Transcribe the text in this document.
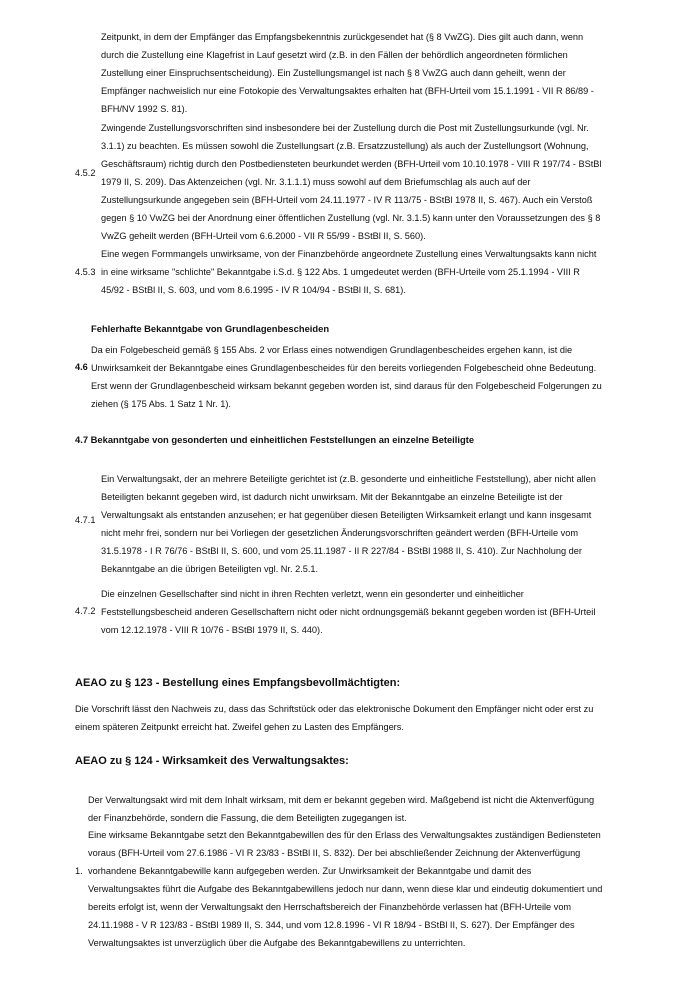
Zeitpunkt, in dem der Empfänger das Empfangsbekenntnis zurückgesendet hat (§ 8 VwZG). Dies gilt auch dann, wenn durch die Zustellung eine Klagefrist in Lauf gesetzt wird (z.B. in den Fällen der behördlich angeordneten förmlichen Zustellung einer Einspruchsentscheidung). Ein Zustellungsmangel ist nach § 8 VwZG auch dann geheilt, wenn der Empfänger nachweislich nur eine Fotokopie des Verwaltungsaktes erhalten hat (BFH-Urteil vom 15.1.1991 - VII R 86/89 - BFH/NV 1992 S. 81).

Zwingende Zustellungsvorschriften sind insbesondere bei der Zustellung durch die Post mit Zustellungsurkunde (vgl. Nr. 3.1.1) zu beachten. Es müssen sowohl die Zustellungsart (z.B. Ersatzzustellung) als auch der Zustellungsort (Wohnung, Geschäftsraum) richtig durch den Postbediensteten beurkundet werden (BFH-Urteil vom 10.10.1978 - VIII R 197/74 - BStBl 1979 II, S. 209). Das Aktenzeichen (vgl. Nr. 3.1.1.1) muss sowohl auf dem Briefumschlag als auch auf der Zustellungsurkunde angegeben sein (BFH-Urteil vom 24.11.1977 - IV R 113/75 - BStBl 1978 II, S. 467). Auch ein Verstoß gegen § 10 VwZG bei der Anordnung einer öffentlichen Zustellung (vgl. Nr. 3.1.5) kann unter den Voraussetzungen des § 8 VwZG geheilt werden (BFH-Urteil vom 6.6.2000 - VII R 55/99 - BStBl II, S. 560).

4.5.2

Eine wegen Formmangels unwirksame, von der Finanzbehörde angeordnete Zustellung eines Verwaltungsakts kann nicht in eine wirksame "schlichte" Bekanntgabe i.S.d. § 122 Abs. 1 umgedeutet werden (BFH-Urteile vom 25.1.1994 - VIII R 45/92 - BStBl II, S. 603, und vom 8.6.1995 - IV R 104/94 - BStBl II, S. 681).

4.5.3

Fehlerhafte Bekanntgabe von Grundlagenbescheiden

4.6

Da ein Folgebescheid gemäß § 155 Abs. 2 vor Erlass eines notwendigen Grundlagenbescheides ergehen kann, ist die Unwirksamkeit der Bekanntgabe eines Grundlagenbescheides für den bereits vorliegenden Folgebescheid ohne Bedeutung. Erst wenn der Grundlagenbescheid wirksam bekannt gegeben worden ist, sind daraus für den Folgebescheid Folgerungen zu ziehen (§ 175 Abs. 1 Satz 1 Nr. 1).

4.7 Bekanntgabe von gesonderten und einheitlichen Feststellungen an einzelne Beteiligte

Ein Verwaltungsakt, der an mehrere Beteiligte gerichtet ist (z.B. gesonderte und einheitliche Feststellung), aber nicht allen Beteiligten bekannt gegeben wird, ist dadurch nicht unwirksam. Mit der Bekanntgabe an einzelne Beteiligte ist der Verwaltungsakt als entstanden anzusehen; er hat gegenüber diesen Beteiligten Wirksamkeit erlangt und kann insgesamt nicht mehr frei, sondern nur bei Vorliegen der gesetzlichen Änderungsvorschriften geändert werden (BFH-Urteile vom 31.5.1978 - I R 76/76 - BStBl II, S. 600, und vom 25.11.1987 - II R 227/84 - BStBl 1988 II, S. 410). Zur Nachholung der Bekanntgabe an die übrigen Beteiligten vgl. Nr. 2.5.1.

4.7.1

Die einzelnen Gesellschafter sind nicht in ihren Rechten verletzt, wenn ein gesonderter und einheitlicher Feststellungsbescheid anderen Gesellschaftern nicht oder nicht ordnungsgemäß bekannt gegeben worden ist (BFH-Urteil vom 12.12.1978 - VIII R 10/76 - BStBl 1979 II, S. 440).

4.7.2

AEAO zu § 123 - Bestellung eines Empfangsbevollmächtigten:

Die Vorschrift lässt den Nachweis zu, dass das Schriftstück oder das elektronische Dokument den Empfänger nicht oder erst zu einem späteren Zeitpunkt erreicht hat. Zweifel gehen zu Lasten des Empfängers.

AEAO zu § 124 - Wirksamkeit des Verwaltungsaktes:

Der Verwaltungsakt wird mit dem Inhalt wirksam, mit dem er bekannt gegeben wird. Maßgebend ist nicht die Aktenverfügung der Finanzbehörde, sondern die Fassung, die dem Beteiligten zugegangen ist.

1.

Eine wirksame Bekanntgabe setzt den Bekanntgabewillen des für den Erlass des Verwaltungsaktes zuständigen Bediensteten voraus (BFH-Urteil vom 27.6.1986 - VI R 23/83 - BStBl II, S. 832). Der bei abschließender Zeichnung der Aktenverfügung vorhandene Bekanntgabewille kann aufgegeben werden. Zur Unwirksamkeit der Bekanntgabe und damit des Verwaltungsaktes führt die Aufgabe des Bekanntgabewillens jedoch nur dann, wenn diese klar und eindeutig dokumentiert und bereits erfolgt ist, wenn der Verwaltungsakt den Herrschaftsbereich der Finanzbehörde verlassen hat (BFH-Urteile vom 24.11.1988 - V R 123/83 - BStBl 1989 II, S. 344, und vom 12.8.1996 - VI R 18/94 - BStBl II, S. 627). Der Empfänger des Verwaltungsaktes ist unverzüglich über die Aufgabe des Bekanntgabewillens zu unterrichten.
